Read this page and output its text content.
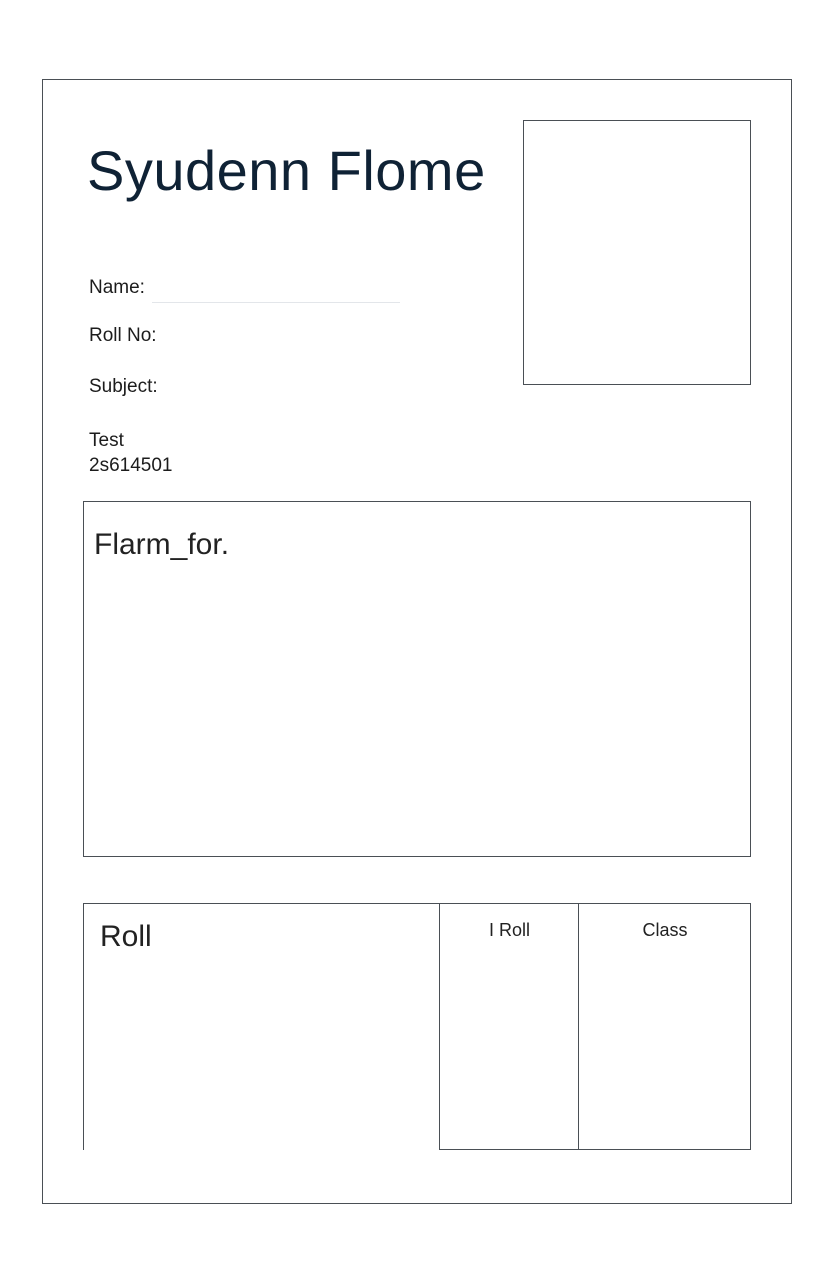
Syudenn Flome
Name:
Roll No:
Subject:
Test
2s614501
Flarm_for.
Roll	I Roll	Class
